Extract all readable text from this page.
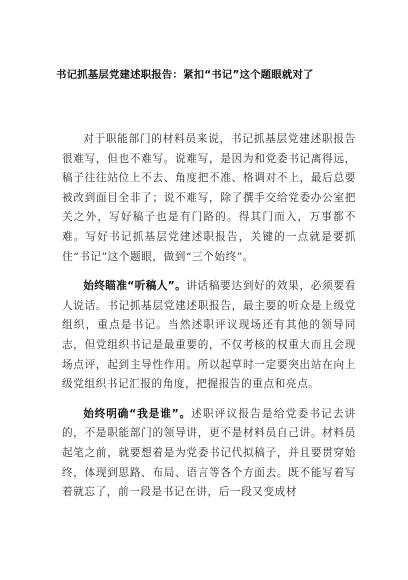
书记抓基层党建述职报告：紧扣“书记”这个题眼就对了

对于职能部门的材料员来说，书记抓基层党建述职报告很难写，但也不难写。说难写，是因为和党委书记离得远，稿子往往站位上不去、角度把不准、格调对不上，最后总要被改到面目全非了；说不难写，除了撰手交给党委办公室把关之外，写好稿子也是有门路的。得其门而入，万事都不难。写好书记抓基层党建述职报告，关键的一点就是要抓住“书记”这个题眼，做到“三个始终”。

始终瞄准“听稿人”。讲话稿要达到好的效果，必须要看人说话。书记抓基层党建述职报告，最主要的听众是上级党组织，重点是书记。当然述职评议现场还有其他的领导同志，但党组织书记是最重要的，不仅考核的权重大而且会现场点评，起到主导性作用。所以起草时一定要突出站在向上级党组织书记汇报的角度，把握报告的重点和亮点。

始终明确“我是谁”。述职评议报告是给党委书记去讲的，不是职能部门的领导讲，更不是材料员自己讲。材料员起笔之前，就要想着是为党委书记代拟稿子，并且要贯穿始终，体现到思路、布局、语言等各个方面去。既不能写着写着就忘了，前一段是书记在讲，后一段又变成材
